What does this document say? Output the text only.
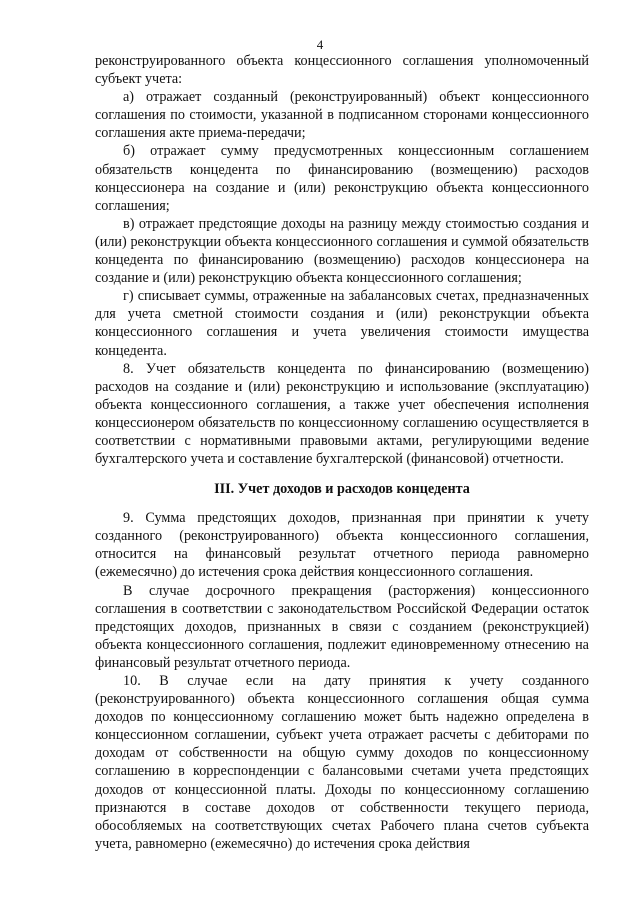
4

реконструированного объекта концессионного соглашения уполномоченный субъект учета:

а) отражает созданный (реконструированный) объект концессионного соглашения по стоимости, указанной в подписанном сторонами концессионного соглашения акте приема-передачи;

б) отражает сумму предусмотренных концессионным соглашением обязательств концедента по финансированию (возмещению) расходов концессионера на создание и (или) реконструкцию объекта концессионного соглашения;

в) отражает предстоящие доходы на разницу между стоимостью создания и (или) реконструкции объекта концессионного соглашения и суммой обязательств концедента по финансированию (возмещению) расходов концессионера на создание и (или) реконструкцию объекта концессионного соглашения;

г) списывает суммы, отраженные на забалансовых счетах, предназначенных для учета сметной стоимости создания и (или) реконструкции объекта концессионного соглашения и учета увеличения стоимости имущества концедента.

8. Учет обязательств концедента по финансированию (возмещению) расходов на создание и (или) реконструкцию и использование (эксплуатацию) объекта концессионного соглашения, а также учет обеспечения исполнения концессионером обязательств по концессионному соглашению осуществляется в соответствии с нормативными правовыми актами, регулирующими ведение бухгалтерского учета и составление бухгалтерской (финансовой) отчетности.

III. Учет доходов и расходов концедента

9. Сумма предстоящих доходов, признанная при принятии к учету созданного (реконструированного) объекта концессионного соглашения, относится на финансовый результат отчетного периода равномерно (ежемесячно) до истечения срока действия концессионного соглашения.

В случае досрочного прекращения (расторжения) концессионного соглашения в соответствии с законодательством Российской Федерации остаток предстоящих доходов, признанных в связи с созданием (реконструкцией) объекта концессионного соглашения, подлежит единовременному отнесению на финансовый результат отчетного периода.

10. В случае если на дату принятия к учету созданного (реконструированного) объекта концессионного соглашения общая сумма доходов по концессионному соглашению может быть надежно определена в концессионном соглашении, субъект учета отражает расчеты с дебиторами по доходам от собственности на общую сумму доходов по концессионному соглашению в корреспонденции с балансовыми счетами учета предстоящих доходов от концессионной платы. Доходы по концессионному соглашению признаются в составе доходов от собственности текущего периода, обособляемых на соответствующих счетах Рабочего плана счетов субъекта учета, равномерно (ежемесячно) до истечения срока действия
